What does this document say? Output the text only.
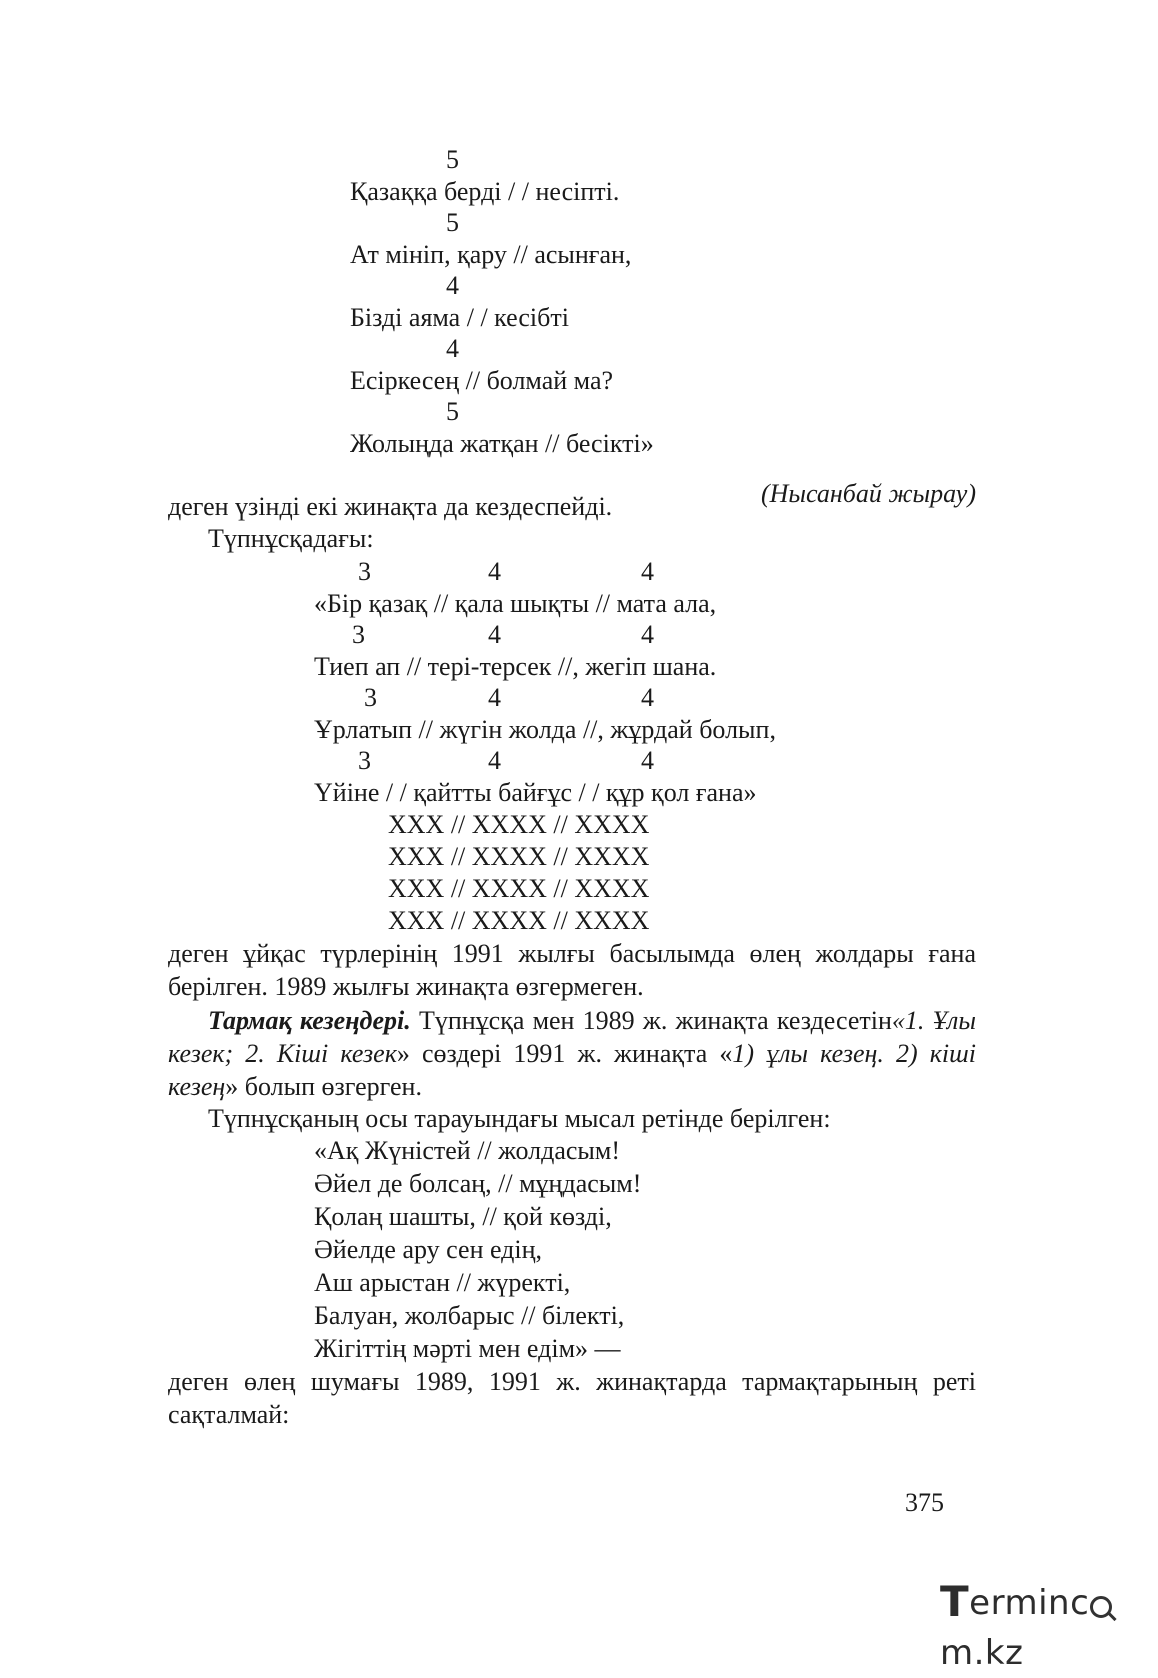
5
Қазаққа берді / / несіпті.
5
Ат мініп, қару // асынған,
4
Бізді аяма / / кесібті
4
Есіркесең // болмай ма?
5
Жолыңда жатқан // бесікті»
(Нысанбай жырау)
деген үзінді екі жинақта да кездеспейді.
Түпнұсқадағы:
3	4	4
«Бір қазақ // қала шықты // мата ала,
3	4	4
Тиеп ап // тері-терсек //, жегіп шана.
3	4	4
Ұрлатып // жүгін жолда //, жұрдай болып,
3	4	4
Үйіне / / қайтты байғұс / / құр қол ғана»
ХХХ // ХХХХ // ХХХХ
ХХХ // ХХХХ // ХХХХ
ХХХ // ХХХХ // ХХХХ
ХХХ // ХХХХ // ХХХХ
деген ұйқас түрлерінің 1991 жылғы басылымда өлең жолдары ғана берілген. 1989 жылғы жинақта өзгермеген.
Тармақ кезеңдері. Түпнұсқа мен 1989 ж. жинақта кездесетін«1. Ұлы кезек; 2. Кіші кезек» сөздері 1991 ж. жинақта «1) ұлы кезең. 2) кіші кезең» болып өзгерген.
Түпнұсқаның осы тарауындағы мысал ретінде берілген:
«Ақ Жүністей // жолдасым!
Әйел де болсаң, // мұңдасым!
Қолаң шашты, // қой көзді,
Әйелде ару сен едің,
Аш арыстан // жүректі,
Балуан, жолбарыс // білекті,
Жігіттің мәрті мен едім» —
деген өлең шумағы 1989, 1991 ж. жинақтарда тармақтарының реті сақталмай:
375
Termincm.kz
